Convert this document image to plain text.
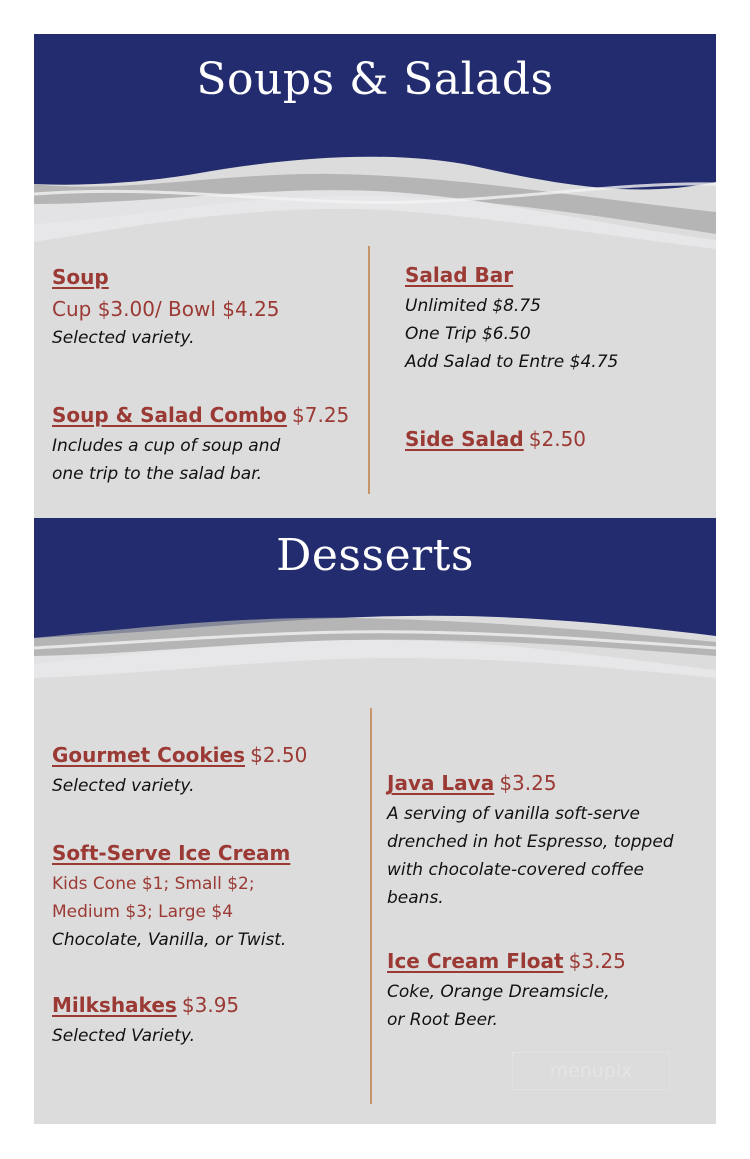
Soups & Salads
Soup
Cup $3.00/ Bowl $4.25
Selected variety.
Soup & Salad Combo $7.25
Includes a cup of soup and
one trip to the salad bar.
Salad Bar
Unlimited $8.75
One Trip $6.50
Add Salad to Entre $4.75
Side Salad $2.50
Desserts
Gourmet Cookies $2.50
Selected variety.
Soft-Serve Ice Cream
Kids Cone $1; Small $2;
Medium $3; Large $4
Chocolate, Vanilla, or Twist.
Milkshakes $3.95
Selected Variety.
Java Lava $3.25
A serving of vanilla soft-serve
drenched in hot Espresso, topped
with chocolate-covered coffee
beans.
Ice Cream Float $3.25
Coke, Orange Dreamsicle,
or Root Beer.
menupix
